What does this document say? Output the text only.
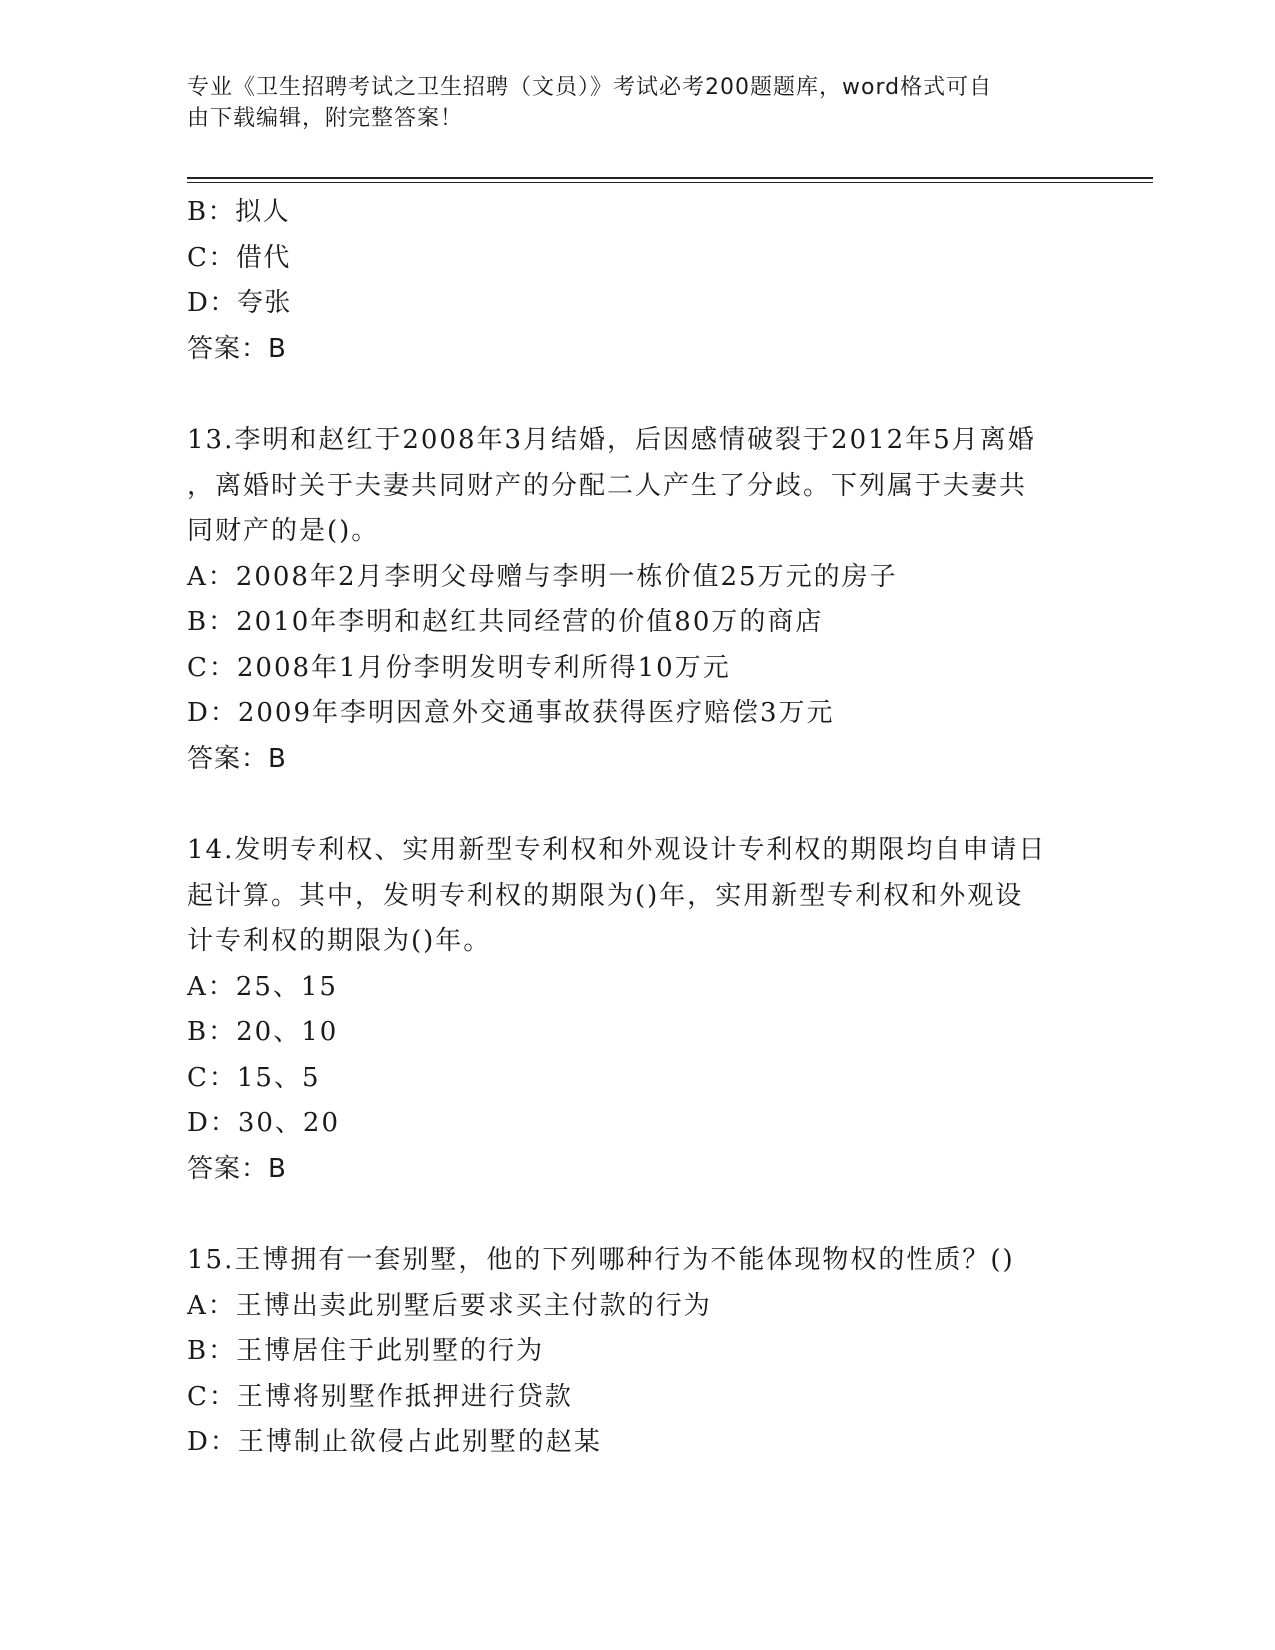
专业《卫生招聘考试之卫生招聘（文员）》考试必考200题题库，word格式可自
由下载编辑，附完整答案！
B：拟人
C：借代
D：夸张
答案：B
13.李明和赵红于2008年3月结婚，后因感情破裂于2012年5月离婚
，离婚时关于夫妻共同财产的分配二人产生了分歧。下列属于夫妻共
同财产的是()。
A：2008年2月李明父母赠与李明一栋价值25万元的房子
B：2010年李明和赵红共同经营的价值80万的商店
C：2008年1月份李明发明专利所得10万元
D：2009年李明因意外交通事故获得医疗赔偿3万元
答案：B
14.发明专利权、实用新型专利权和外观设计专利权的期限均自申请日
起计算。其中，发明专利权的期限为()年，实用新型专利权和外观设
计专利权的期限为()年。
A：25、15
B：20、10
C：15、5
D：30、20
答案：B
15.王博拥有一套别墅，他的下列哪种行为不能体现物权的性质？()
A：王博出卖此别墅后要求买主付款的行为
B：王博居住于此别墅的行为
C：王博将别墅作抵押进行贷款
D：王博制止欲侵占此别墅的赵某
